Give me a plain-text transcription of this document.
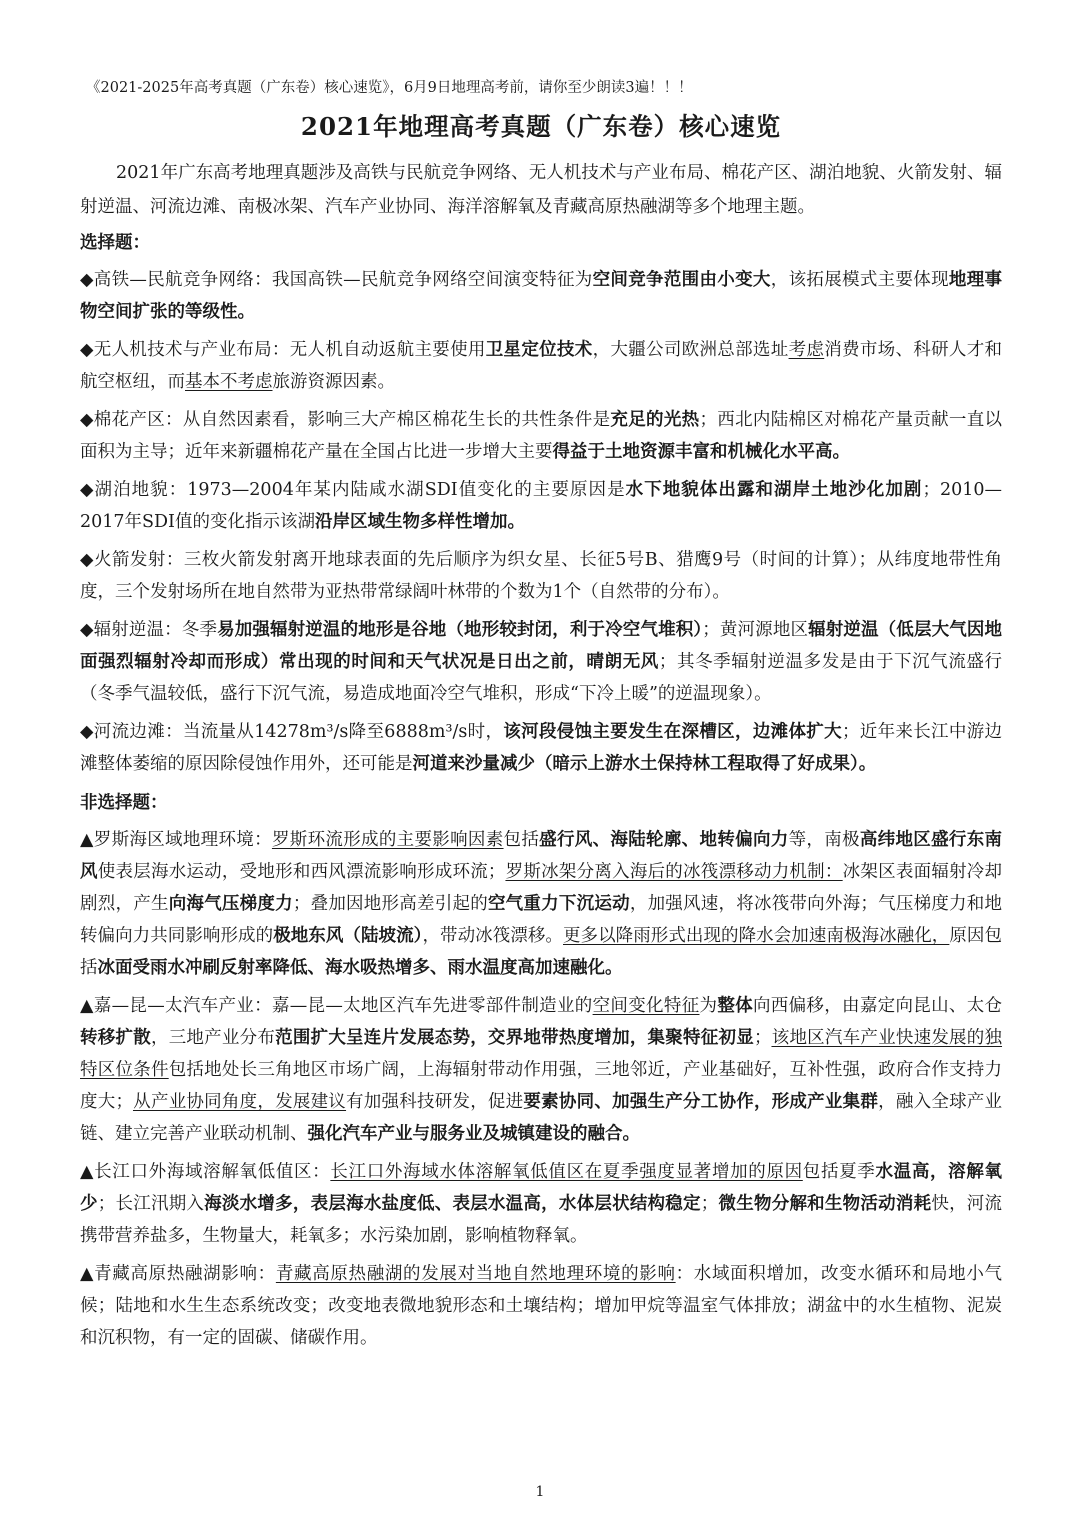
《2021-2025年高考真题（广东卷）核心速览》，6月9日地理高考前，请你至少朗读3遍！！！
2021年地理高考真题（广东卷）核心速览

2021年广东高考地理真题涉及高铁与民航竞争网络、无人机技术与产业布局、棉花产区、湖泊地貌、火箭发射、辐射逆温、河流边滩、南极冰架、汽车产业协同、海洋溶解氧及青藏高原热融湖等多个地理主题。

选择题：

◆高铁—民航竞争网络：我国高铁—民航竞争网络空间演变特征为空间竞争范围由小变大，该拓展模式主要体现地理事物空间扩张的等级性。

◆无人机技术与产业布局：无人机自动返航主要使用卫星定位技术，大疆公司欧洲总部选址考虑消费市场、科研人才和航空枢纽，而基本不考虑旅游资源因素。

◆棉花产区：从自然因素看，影响三大产棉区棉花生长的共性条件是充足的光热；西北内陆棉区对棉花产量贡献一直以面积为主导；近年来新疆棉花产量在全国占比进一步增大主要得益于土地资源丰富和机械化水平高。

◆湖泊地貌：1973—2004年某内陆咸水湖SDI值变化的主要原因是水下地貌体出露和湖岸土地沙化加剧；2010—2017年SDI值的变化指示该湖沿岸区域生物多样性增加。

◆火箭发射：三枚火箭发射离开地球表面的先后顺序为织女星、长征5号B、猎鹰9号（时间的计算）；从纬度地带性角度，三个发射场所在地自然带为亚热带常绿阔叶林带的个数为1个（自然带的分布）。

◆辐射逆温：冬季易加强辐射逆温的地形是谷地（地形较封闭，利于冷空气堆积）；黄河源地区辐射逆温（低层大气因地面强烈辐射冷却而形成）常出现的时间和天气状况是日出之前，晴朗无风；其冬季辐射逆温多发是由于下沉气流盛行（冬季气温较低，盛行下沉气流，易造成地面冷空气堆积，形成“下冷上暖”的逆温现象）。

◆河流边滩：当流量从14278m³/s降至6888m³/s时，该河段侵蚀主要发生在深槽区，边滩体扩大；近年来长江中游边滩整体萎缩的原因除侵蚀作用外，还可能是河道来沙量减少（暗示上游水土保持林工程取得了好成果）。

非选择题：

▲罗斯海区域地理环境：罗斯环流形成的主要影响因素包括盛行风、海陆轮廓、地转偏向力等，南极高纬地区盛行东南风使表层海水运动，受地形和西风漂流影响形成环流；罗斯冰架分离入海后的冰筏漂移动力机制：冰架区表面辐射冷却剧烈，产生向海气压梯度力；叠加因地形高差引起的空气重力下沉运动，加强风速，将冰筏带向外海；气压梯度力和地转偏向力共同影响形成的极地东风（陆坡流），带动冰筏漂移。更多以降雨形式出现的降水会加速南极海冰融化，原因包括冰面受雨水冲刷反射率降低、海水吸热增多、雨水温度高加速融化。

▲嘉—昆—太汽车产业：嘉—昆—太地区汽车先进零部件制造业的空间变化特征为整体向西偏移，由嘉定向昆山、太仓转移扩散，三地产业分布范围扩大呈连片发展态势，交界地带热度增加，集聚特征初显；该地区汽车产业快速发展的独特区位条件包括地处长三角地区市场广阔，上海辐射带动作用强，三地邻近，产业基础好，互补性强，政府合作支持力度大；从产业协同角度，发展建议有加强科技研发，促进要素协同、加强生产分工协作，形成产业集群，融入全球产业链、建立完善产业联动机制、强化汽车产业与服务业及城镇建设的融合。

▲长江口外海域溶解氧低值区：长江口外海域水体溶解氧低值区在夏季强度显著增加的原因包括夏季水温高，溶解氧少；长江汛期入海淡水增多，表层海水盐度低、表层水温高，水体层状结构稳定；微生物分解和生物活动消耗快，河流携带营养盐多，生物量大，耗氧多；水污染加剧，影响植物释氧。

▲青藏高原热融湖影响：青藏高原热融湖的发展对当地自然地理环境的影响：水域面积增加，改变水循环和局地小气候；陆地和水生生态系统改变；改变地表微地貌形态和土壤结构；增加甲烷等温室气体排放；湖盆中的水生植物、泥炭和沉积物，有一定的固碳、储碳作用。

1
